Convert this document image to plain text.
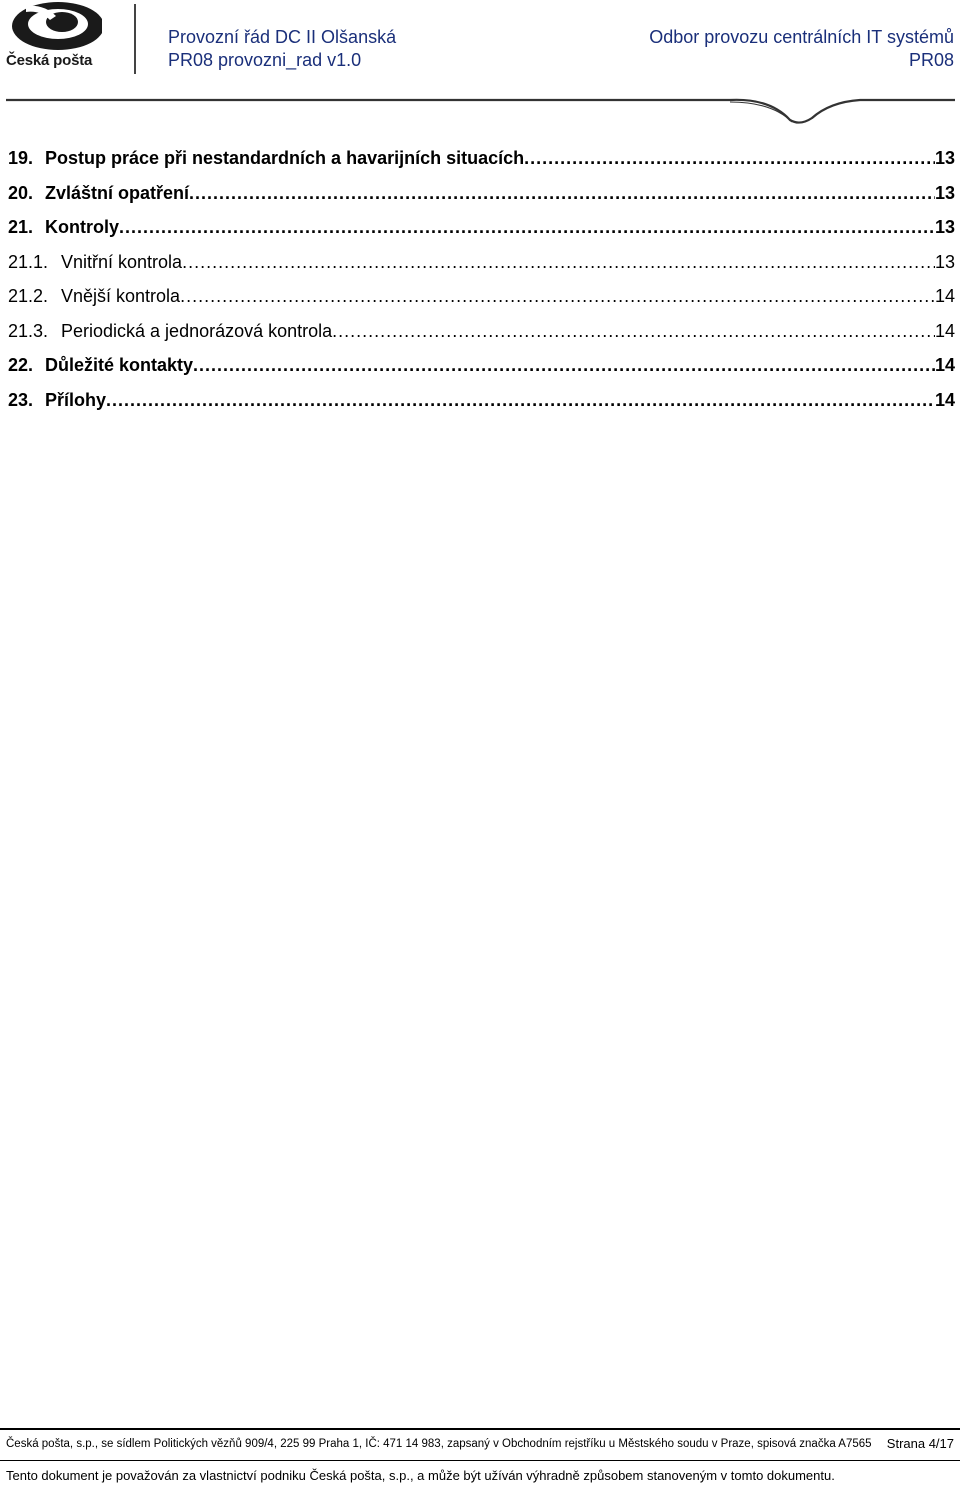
Česká pošta
Provozní řád DC II Olšanská
PR08 provozni_rad v1.0
Odbor provozu centrálních IT systémů
PR08
19. Postup práce při nestandardních a havarijních situacích .....	13
20. Zvláštní opatření .....	13
21. Kontroly .....	13
21.1. Vnitřní kontrola .....	13
21.2. Vnější kontrola .....	14
21.3. Periodická a jednorázová kontrola .....	14
22. Důležité kontakty .....	14
23. Přílohy .....	14
Česká pošta, s.p., se sídlem Politických vězňů 909/4, 225 99 Praha 1, IČ: 471 14 983, zapsaný v Obchodním rejstříku u Městského soudu v Praze, spisová značka A7565 Strana 4/17
Tento dokument je považován za vlastnictví podniku Česká pošta, s.p., a může být užíván výhradně způsobem stanoveným v tomto dokumentu.
